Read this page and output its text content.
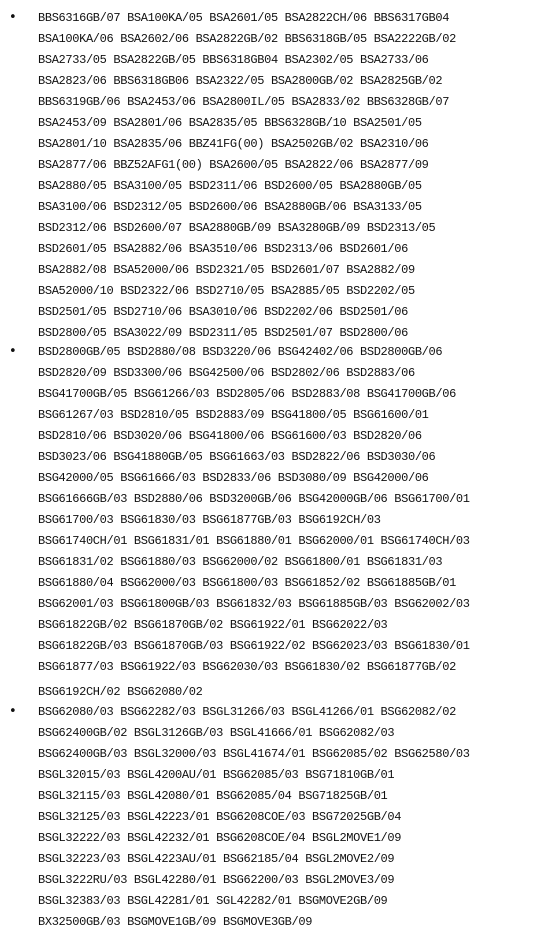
• BBS6316GB/07 BSA100KA/05 BSA2601/05 BSA2822CH/06 BBS6317GB04
BSA100KA/06 BSA2602/06 BSA2822GB/02 BBS6318GB/05 BSA2222GB/02
BSA2733/05 BSA2822GB/05 BBS6318GB04 BSA2302/05 BSA2733/06
BSA2823/06 BBS6318GB06 BSA2322/05 BSA2800GB/02 BSA2825GB/02
BBS6319GB/06 BSA2453/06 BSA2800IL/05 BSA2833/02 BBS6328GB/07
BSA2453/09 BSA2801/06 BSA2835/05 BBS6328GB/10 BSA2501/05
BSA2801/10 BSA2835/06 BBZ41FG(00) BSA2502GB/02 BSA2310/06
BSA2877/06 BBZ52AFG1(00) BSA2600/05 BSA2822/06 BSA2877/09
BSA2880/05 BSA3100/05 BSD2311/06 BSD2600/05 BSA2880GB/05
BSA3100/06 BSD2312/05 BSD2600/06 BSA2880GB/06 BSA3133/05
BSD2312/06 BSD2600/07 BSA2880GB/09 BSA3280GB/09 BSD2313/05
BSD2601/05 BSA2882/06 BSA3510/06 BSD2313/06 BSD2601/06
BSA2882/08 BSA52000/06 BSD2321/05 BSD2601/07 BSA2882/09
BSA52000/10 BSD2322/06 BSD2710/05 BSA2885/05 BSD2202/05
BSD2501/05 BSD2710/06 BSA3010/06 BSD2202/06 BSD2501/06
BSD2800/05 BSA3022/09 BSD2311/05 BSD2501/07 BSD2800/06
• BSD2800GB/05 BSD2880/08 BSD3220/06 BSG42402/06 BSD2800GB/06
BSD2820/09 BSD3300/06 BSG42500/06 BSD2802/06 BSD2883/06
BSG41700GB/05 BSG61266/03 BSD2805/06 BSD2883/08 BSG41700GB/06
BSG61267/03 BSD2810/05 BSD2883/09 BSG41800/05 BSG61600/01
BSD2810/06 BSD3020/06 BSG41800/06 BSG61600/03 BSD2820/06
BSD3023/06 BSG41880GB/05 BSG61663/03 BSD2822/06 BSD3030/06
BSG42000/05 BSG61666/03 BSD2833/06 BSD3080/09 BSG42000/06
BSG61666GB/03 BSD2880/06 BSD3200GB/06 BSG42000GB/06 BSG61700/01
BSG61700/03 BSG61830/03 BSG61877GB/03 BSG6192CH/03
BSG61740CH/01 BSG61831/01 BSG61880/01 BSG62000/01 BSG61740CH/03
BSG61831/02 BSG61880/03 BSG62000/02 BSG61800/01 BSG61831/03
BSG61880/04 BSG62000/03 BSG61800/03 BSG61852/02 BSG61885GB/01
BSG62001/03 BSG61800GB/03 BSG61832/03 BSG61885GB/03 BSG62002/03
BSG61822GB/02 BSG61870GB/02 BSG61922/01 BSG62022/03
BSG61822GB/03 BSG61870GB/03 BSG61922/02 BSG62023/03 BSG61830/01
BSG61877/03 BSG61922/03 BSG62030/03 BSG61830/02 BSG61877GB/02
BSG6192CH/02 BSG62080/02
• BSG62080/03 BSG62282/03 BSGL31266/03 BSGL41266/01 BSG62082/02
BSG62400GB/02 BSGL3126GB/03 BSGL41666/01 BSG62082/03
BSG62400GB/03 BSGL32000/03 BSGL41674/01 BSG62085/02 BSG62580/03
BSGL32015/03 BSGL4200AU/01 BSG62085/03 BSG71810GB/01
BSGL32115/03 BSGL42080/01 BSG62085/04 BSG71825GB/01
BSGL32125/03 BSGL42223/01 BSG6208COE/03 BSG72025GB/04
BSGL32222/03 BSGL42232/01 BSG6208COE/04 BSGL2MOVE1/09
BSGL32223/03 BSGL4223AU/01 BSG62185/04 BSGL2MOVE2/09
BSGL3222RU/03 BSGL42280/01 BSG62200/03 BSGL2MOVE3/09
BSGL32383/03 BSGL42281/01 SGL42282/01 BSGMOVE2GB/09
BX32500GB/03 BSGMOVE1GB/09 BSGMOVE3GB/09
